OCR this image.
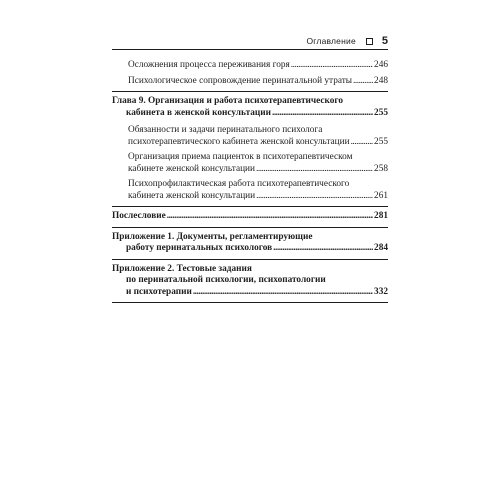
Оглавление 5
Осложнения процесса переживания горя . . .	246
Психологическое сопровождение перинатальной утраты . . . 248
Глава 9. Организация и работа психотерапевтического
кабинета в женской консультации . . .	255
Обязанности и задачи перинатального психолога
психотерапевтического кабинета женской консультации . . .	255
Организация приема пациенток в психотерапевтическом
кабинете женской консультации . . .	258
Психопрофилактическая работа психотерапевтического
кабинета женской консультации . . .	261
Послесловие . . .	281
Приложение 1. Документы, регламентирующие
работу перинатальных психологов . . .	284
Приложение 2. Тестовые задания
по перинатальной психологии, психопатологии
и психотерапии . . .	332
